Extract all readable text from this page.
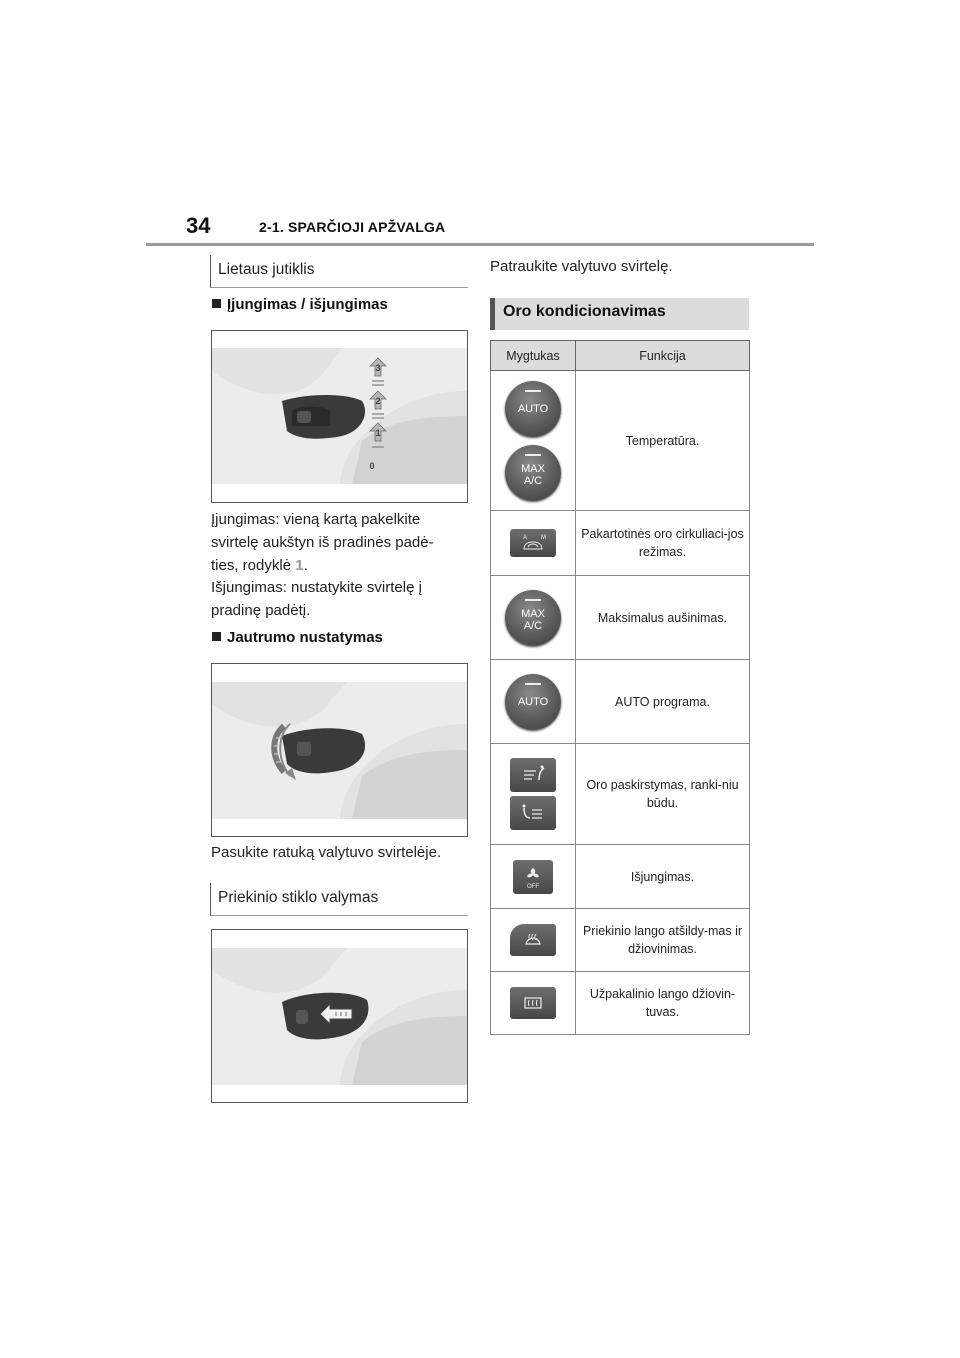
34	2-1. SPARČIOJI APŽVALGA
Lietaus jutiklis
Įjungimas / išjungimas
3
2
1
0
Įjungimas: vieną kartą pakelkite svirtelę aukštyn iš pradinės padė-ties, rodyklė 1.
Išjungimas: nustatykite svirtelę į pradinę padėtį.
Jautrumo nustatymas
Pasukite ratuką valytuvo svirtelėje.
Priekinio stiklo valymas
Patraukite valytuvo svirtelę.
Oro kondicionavimas
Mygtukas	Funkcija

AUTO
MAX
A/C	Temperatūra.

A M	Pakartotinės oro cirkuliaci-jos režimas.

MAX
A/C	Maksimalus aušinimas.

AUTO	AUTO programa.

	Oro paskirstymas, ranki-niu būdu.

OFF	Išjungimas.

	Priekinio lango atšildy-mas ir džiovinimas.

	Užpakalinio lango džiovin-tuvas.
